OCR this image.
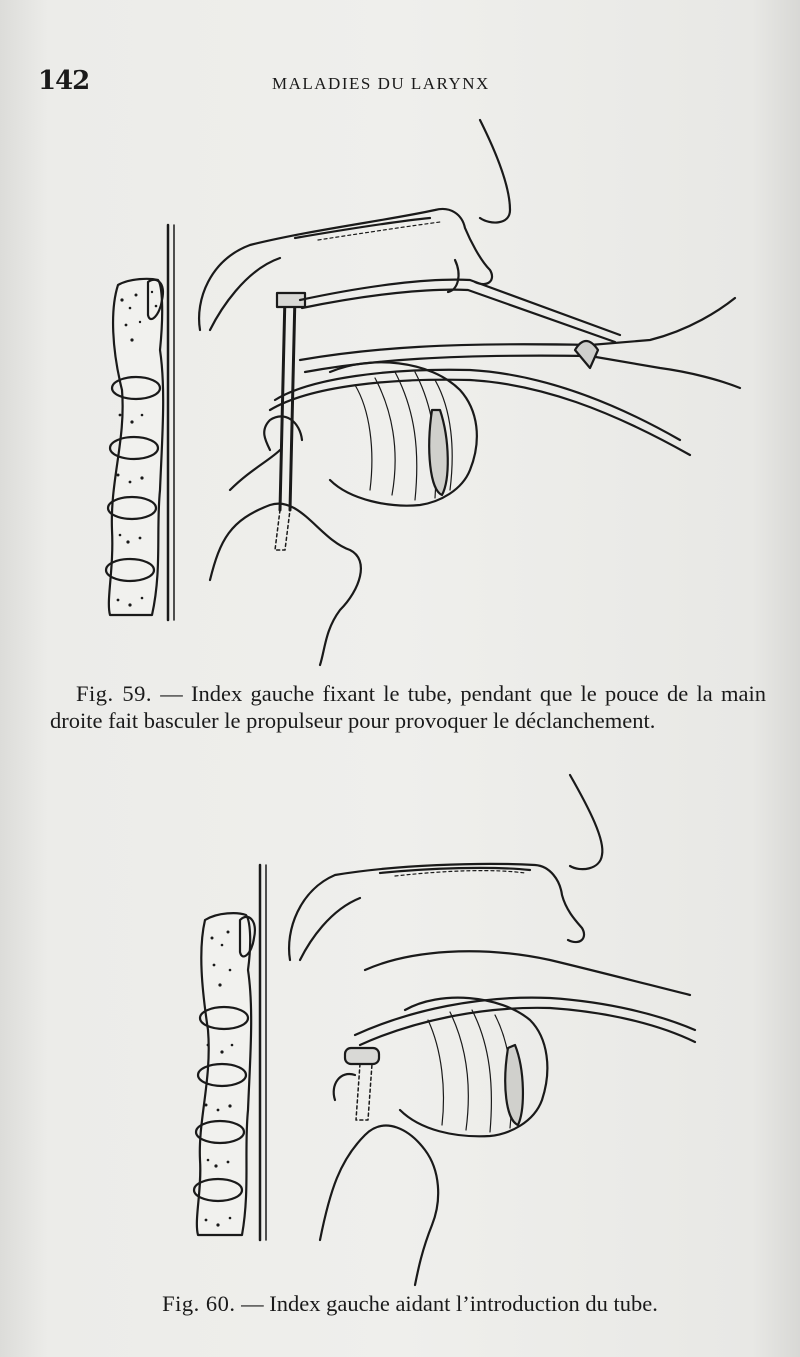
142	MALADIES DU LARYNX
Fig. 59. — Index gauche fixant le tube, pendant que le pouce de la main droite fait basculer le propulseur pour provoquer le déclanchement.
Fig. 60. — Index gauche aidant l’introduction du tube.
